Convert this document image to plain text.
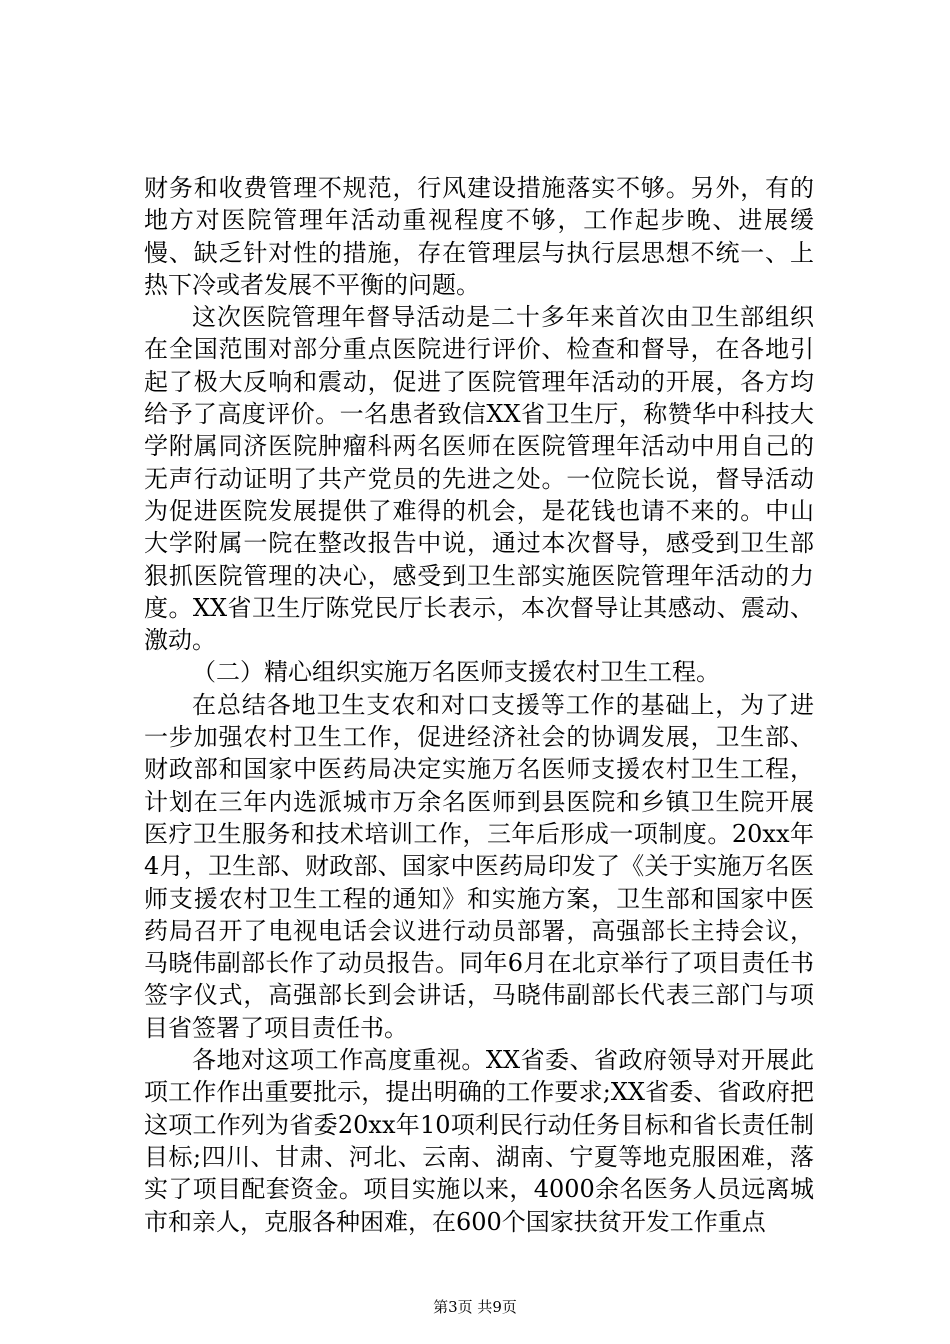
财务和收费管理不规范，行风建设措施落实不够。另外，有的地方对医院管理年活动重视程度不够，工作起步晚、进展缓慢、缺乏针对性的措施，存在管理层与执行层思想不统一、上热下冷或者发展不平衡的问题。

这次医院管理年督导活动是二十多年来首次由卫生部组织在全国范围对部分重点医院进行评价、检查和督导，在各地引起了极大反响和震动，促进了医院管理年活动的开展，各方均给予了高度评价。一名患者致信XX省卫生厅，称赞华中科技大学附属同济医院肿瘤科两名医师在医院管理年活动中用自己的无声行动证明了共产党员的先进之处。一位院长说，督导活动为促进医院发展提供了难得的机会，是花钱也请不来的。中山大学附属一院在整改报告中说，通过本次督导，感受到卫生部狠抓医院管理的决心，感受到卫生部实施医院管理年活动的力度。XX省卫生厅陈党民厅长表示，本次督导让其感动、震动、激动。

（二）精心组织实施万名医师支援农村卫生工程。

在总结各地卫生支农和对口支援等工作的基础上，为了进一步加强农村卫生工作，促进经济社会的协调发展，卫生部、财政部和国家中医药局决定实施万名医师支援农村卫生工程，计划在三年内选派城市万余名医师到县医院和乡镇卫生院开展医疗卫生服务和技术培训工作，三年后形成一项制度。20xx年4月，卫生部、财政部、国家中医药局印发了《关于实施万名医师支援农村卫生工程的通知》和实施方案，卫生部和国家中医药局召开了电视电话会议进行动员部署，高强部长主持会议，马晓伟副部长作了动员报告。同年6月在北京举行了项目责任书签字仪式，高强部长到会讲话，马晓伟副部长代表三部门与项目省签署了项目责任书。

各地对这项工作高度重视。XX省委、省政府领导对开展此项工作作出重要批示，提出明确的工作要求;XX省委、省政府把这项工作列为省委20xx年10项利民行动任务目标和省长责任制目标;四川、甘肃、河北、云南、湖南、宁夏等地克服困难，落实了项目配套资金。项目实施以来，4000余名医务人员远离城市和亲人，克服各种困难，在600个国家扶贫开发工作重点

第3页 共9页
